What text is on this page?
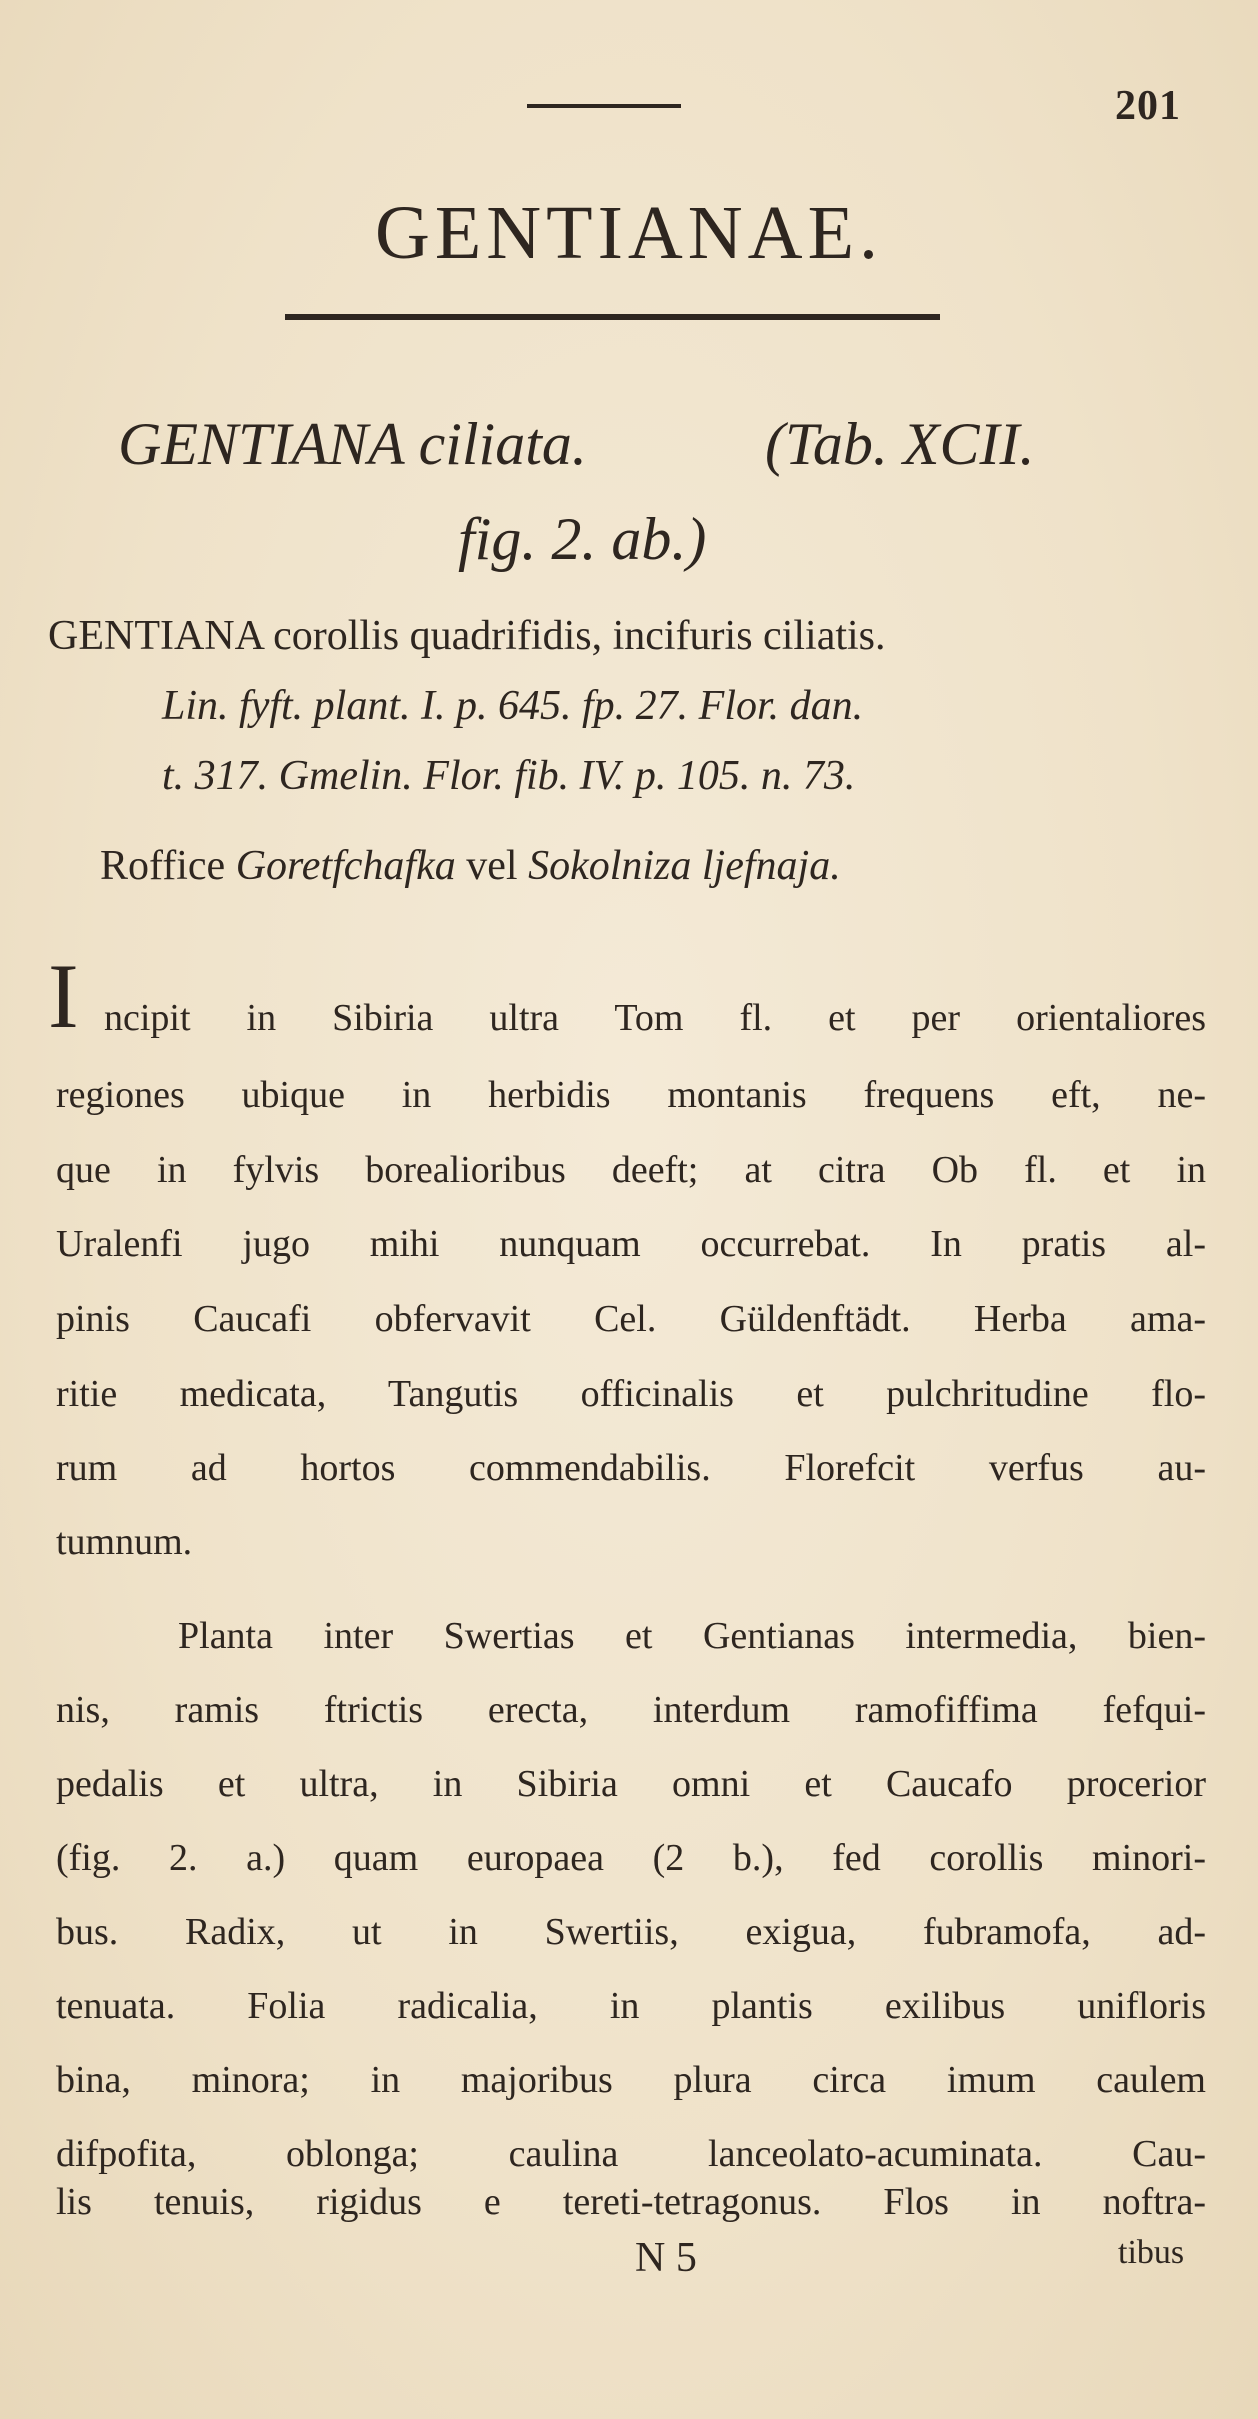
201
GENTIANAE.
GENTIANA ciliata.	(Tab. XCII.
fig. 2. ab.)
GENTIANA corollis quadrifidis, incifuris ciliatis.
Lin. fyft. plant. I. p. 645. fp. 27. Flor. dan.
t. 317. Gmelin. Flor. fib. IV. p. 105. n. 73.
Roffice Goretfchafka vel Sokolniza ljefnaja.
I ncipit in Sibiria ultra Tom fl. et per orientaliores
regiones ubique in herbidis montanis frequens eft, ne-
que in fylvis borealioribus deeft; at citra Ob fl. et in
Uralenfi jugo mihi nunquam occurrebat. In pratis al-
pinis Caucafi obfervavit Cel. Güldenftädt. Herba ama-
ritie medicata, Tangutis officinalis et pulchritudine flo-
rum ad hortos commendabilis. Florefcit verfus au-
tumnum.
Planta inter Swertias et Gentianas intermedia, bien-
nis, ramis ftrictis erecta, interdum ramofiffima fefqui-
pedalis et ultra, in Sibiria omni et Caucafo procerior
(fig. 2. a.) quam europaea (2 b.), fed corollis minori-
bus. Radix, ut in Swertiis, exigua, fubramofa, ad-
tenuata. Folia radicalia, in plantis exilibus unifloris
bina, minora; in majoribus plura circa imum caulem
difpofita, oblonga; caulina lanceolato-acuminata. Cau-
lis tenuis, rigidus e tereti-tetragonus. Flos in noftra-
N 5	tibus
